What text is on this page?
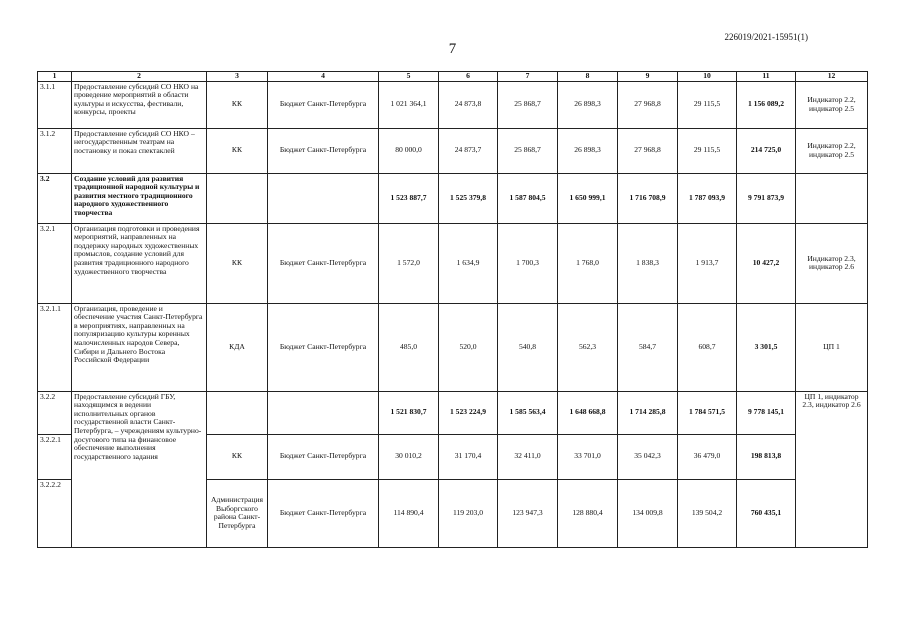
226019/2021-15951(1)
7
1	2	3	4	5	6	7	8	9	10	11	12
3.1.1	Предоставление субсидий СО НКО на проведение мероприятий в области культуры и искусства, фестивали, конкурсы, проекты	КК	Бюджет Санкт-Петербурга	1 021 364,1	24 873,8	25 868,7	26 898,3	27 968,8	29 115,5	1 156 089,2	Индикатор 2.2, индикатор 2.5
3.1.2	Предоставление субсидий СО НКО – негосударственным театрам на постановку и показ спектаклей	КК	Бюджет Санкт-Петербурга	80 000,0	24 873,7	25 868,7	26 898,3	27 968,8	29 115,5	214 725,0	Индикатор 2.2, индикатор 2.5
3.2	Создание условий для развития традиционной народной культуры и развития местного традиционного народного художественного творчества			1 523 887,7	1 525 379,8	1 587 804,5	1 650 999,1	1 716 708,9	1 787 093,9	9 791 873,9	
3.2.1	Организация подготовки и проведения мероприятий, направленных на поддержку народных художественных промыслов, создание условий для развития традиционного народного художественного творчества	КК	Бюджет Санкт-Петербурга	1 572,0	1 634,9	1 700,3	1 768,0	1 838,3	1 913,7	10 427,2	Индикатор 2.3, индикатор 2.6
3.2.1.1	Организация, проведение и обеспечение участия Санкт-Петербурга в мероприятиях, направленных на популяризацию культуры коренных малочисленных народов Севера, Сибири и Дальнего Востока Российской Федерации	КДА	Бюджет Санкт-Петербурга	485,0	520,0	540,8	562,3	584,7	608,7	3 301,5	ЦП 1
3.2.2	Предоставление субсидий ГБУ, находящимся в ведении исполнительных органов государственной власти Санкт-Петербурга, – учреждениям культурно-досугового типа на финансовое обеспечение выполнения государственного задания			1 521 830,7	1 523 224,9	1 585 563,4	1 648 668,8	1 714 285,8	1 784 571,5	9 778 145,1	ЦП 1, индикатор 2.3, индикатор 2.6
3.2.2.1		КК	Бюджет Санкт-Петербурга	30 010,2	31 170,4	32 411,0	33 701,0	35 042,3	36 479,0	198 813,8	
3.2.2.2		Администрация Выборгского района Санкт-Петербурга	Бюджет Санкт-Петербурга	114 890,4	119 203,0	123 947,3	128 880,4	134 009,8	139 504,2	760 435,1	
